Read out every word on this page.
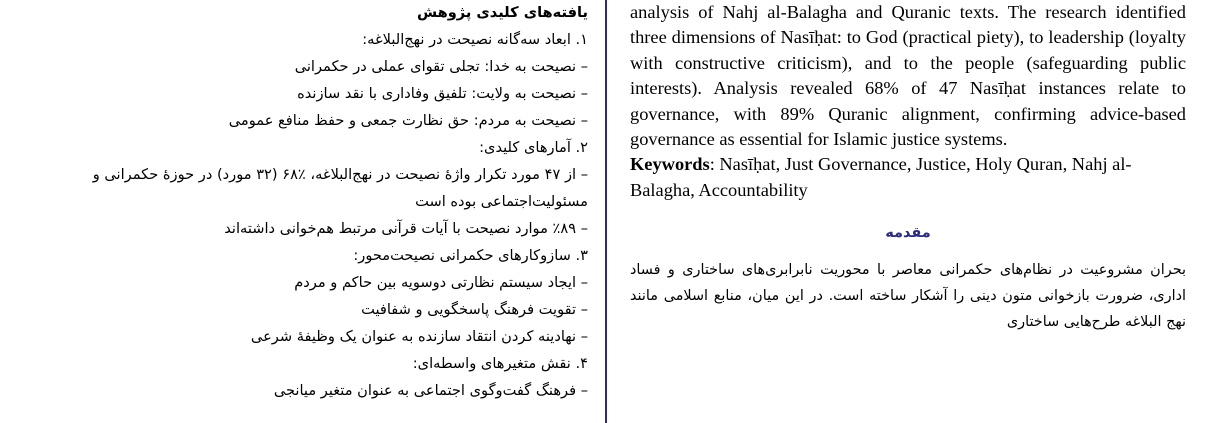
یافته‌های کلیدی پژوهش
۱. ابعاد سه‌گانه نصیحت در نهج‌البلاغه:
– نصیحت به خدا: تجلی تقوای عملی در حکمرانی
– نصیحت به ولایت: تلفیق وفاداری با نقد سازنده
– نصیحت به مردم: حق نظارت جمعی و حفظ منافع عمومی
۲. آمارهای کلیدی:
– از ۴۷ مورد تکرار واژهٔ نصیحت در نهج‌البلاغه، ٪۶۸ (۳۲ مورد) در حوزهٔ حکمرانی و مسئولیت‌اجتماعی بوده است
– ٪۸۹ موارد نصیحت با آیات قرآنی مرتبط هم‌خوانی داشته‌اند
۳. سازوکارهای حکمرانی نصیحت‌محور:
– ایجاد سیستم نظارتی دوسویه بین حاکم و مردم
– تقویت فرهنگ پاسخگویی و شفافیت
– نهادینه کردن انتقاد سازنده به عنوان یک وظیفهٔ شرعی
۴. نقش متغیرهای واسطه‌ای:
– فرهنگ گفت‌وگوی اجتماعی به عنوان متغیر میانجی
analysis of Nahj al-Balagha and Quranic texts. The research identified three dimensions of Nasīḥat: to God (practical piety), to leadership (loyalty with constructive criticism), and to the people (safeguarding public interests). Analysis revealed 68% of 47 Nasīḥat instances relate to governance, with 89% Quranic alignment, confirming advice-based governance as essential for Islamic justice systems.
Keywords: Nasīḥat, Just Governance, Justice, Holy Quran, Nahj al-Balagha, Accountability
مقدمه
بحران مشروعیت در نظام‌های حکمرانی معاصر با محوریت نابرابری‌های ساختاری و فساد اداری، ضرورت بازخوانی متون دینی را آشکار ساخته است. در این میان، منابع اسلامی مانند نهج البلاغه طرح‌هایی ساختاری
